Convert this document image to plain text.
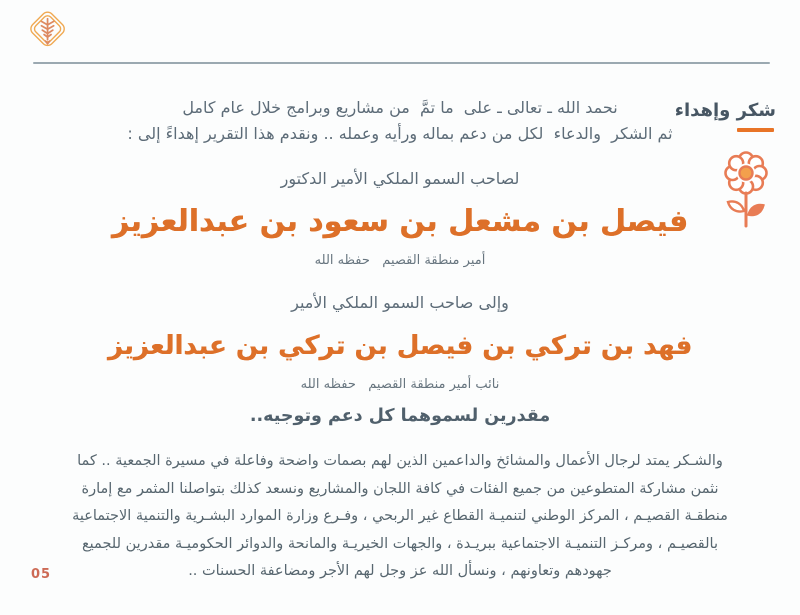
شكر وإهداء
نحمد الله ـ تعالى ـ على  ما تمَّ  من مشاريع وبرامج خلال عام كامل
ثم الشكر  والدعاء  لكل من دعم بماله ورأيه وعمله .. ونقدم هذا التقرير إهداءً إلى :
لصاحب السمو الملكي الأمير الدكتور
فيصل بن مشعل بن سعود بن عبدالعزيز
أمير منطقة القصيم   حفظه الله
وإلى صاحب السمو الملكي الأمير
فهد بن تركي بن فيصل بن تركي بن عبدالعزيز
نائب أمير منطقة القصيم   حفظه الله
مقدرين لسموهما كل دعم وتوجيه..
والشـكر يمتد لرجال الأعمال والمشائخ والداعمين الذين لهم بصمات واضحة وفاعلة في مسيرة الجمعية .. كما
نثمن مشاركة المتطوعين من جميع الفئات في كافة اللجان والمشاريع ونسعد كذلك بتواصلنا المثمر مع إمارة
منطقـة القصيـم ، المركز الوطني لتنميـة القطاع غير الربحي ، وفـرع وزارة الموارد البشـرية والتنمية الاجتماعية
بالقصيـم ، ومركـز التنميـة الاجتماعية ببريـدة ، والجهات الخيريـة والمانحة والدوائر الحكوميـة مقدرين للجميع
جهودهم وتعاونهم ، ونسأل الله عز وجل لهم الأجر ومضاعفة الحسنات ..
05
